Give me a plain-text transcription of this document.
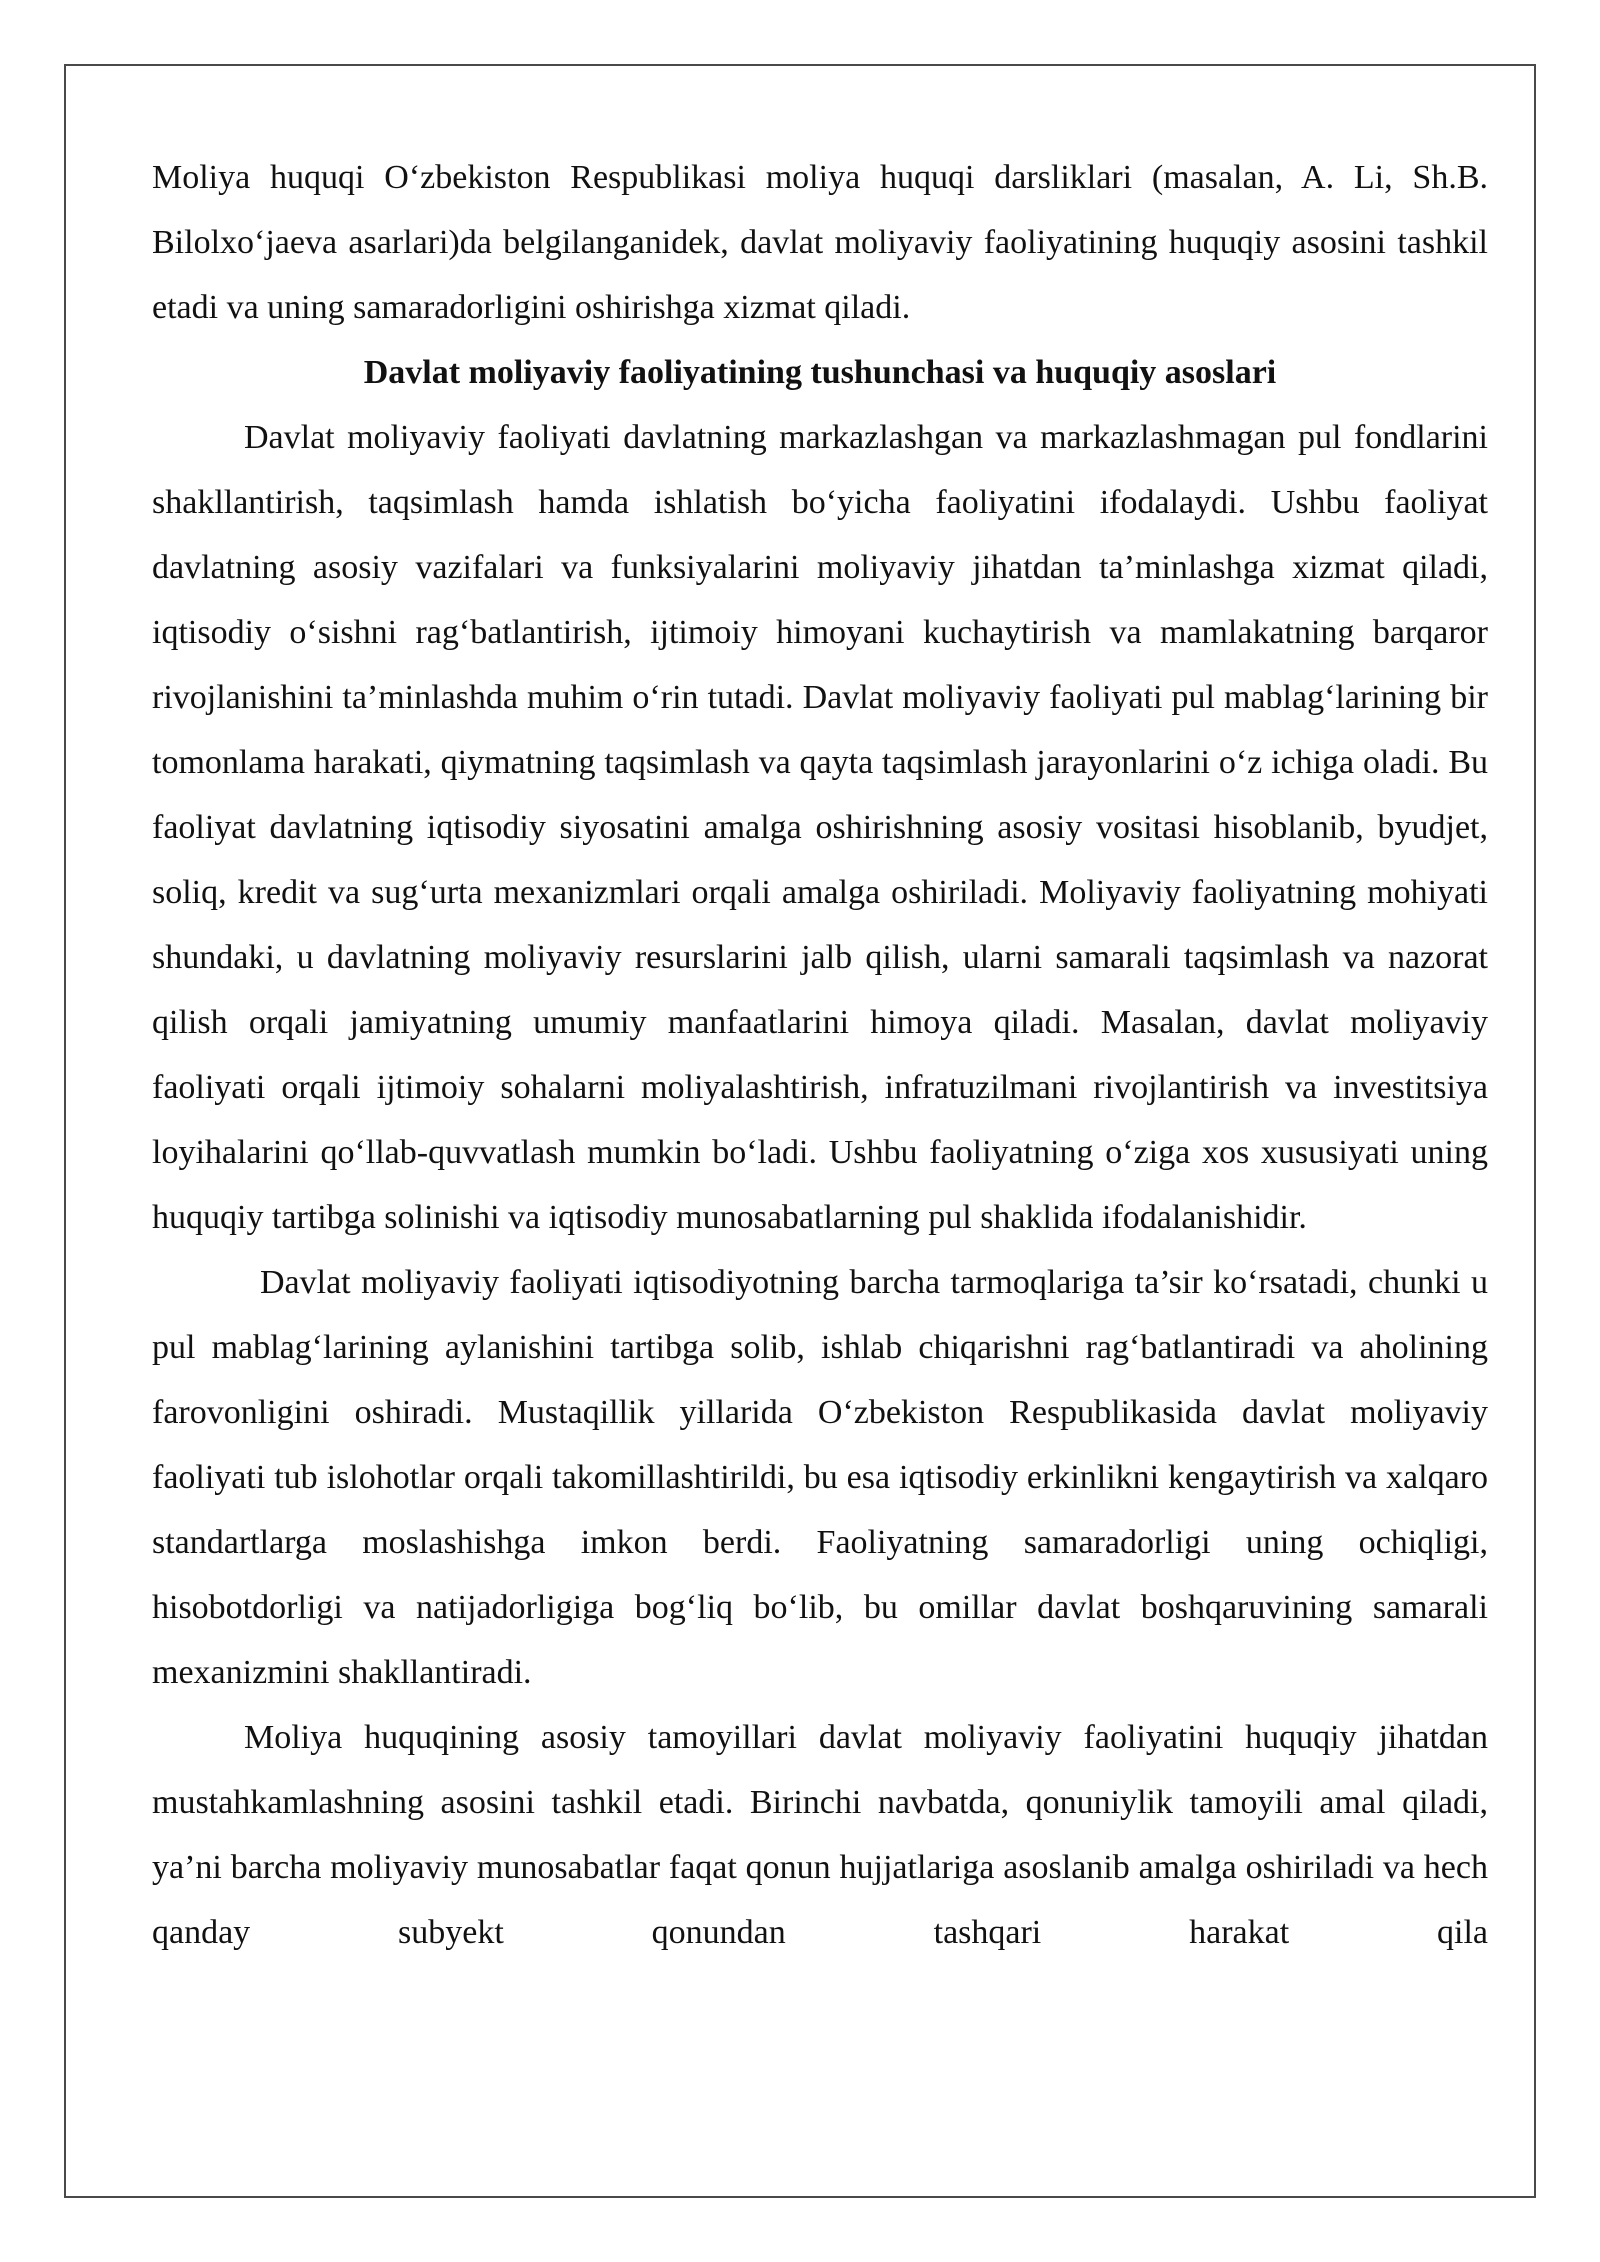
Moliya huquqi O‘zbekiston Respublikasi moliya huquqi darsliklari (masalan, A. Li, Sh.B. Bilolxo‘jaeva asarlari)da belgilanganidek, davlat moliyaviy faoliyatining huquqiy asosini tashkil etadi va uning samaradorligini oshirishga xizmat qiladi.

Davlat moliyaviy faoliyatining tushunchasi va huquqiy asoslari

Davlat moliyaviy faoliyati davlatning markazlashgan va markazlashmagan pul fondlarini shakllantirish, taqsimlash hamda ishlatish bo‘yicha faoliyatini ifodalaydi. Ushbu faoliyat davlatning asosiy vazifalari va funksiyalarini moliyaviy jihatdan ta’minlashga xizmat qiladi, iqtisodiy o‘sishni rag‘batlantirish, ijtimoiy himoyani kuchaytirish va mamlakatning barqaror rivojlanishini ta’minlashda muhim o‘rin tutadi. Davlat moliyaviy faoliyati pul mablag‘larining bir tomonlama harakati, qiymatning taqsimlash va qayta taqsimlash jarayonlarini o‘z ichiga oladi. Bu faoliyat davlatning iqtisodiy siyosatini amalga oshirishning asosiy vositasi hisoblanib, byudjet, soliq, kredit va sug‘urta mexanizmlari orqali amalga oshiriladi. Moliyaviy faoliyatning mohiyati shundaki, u davlatning moliyaviy resurslarini jalb qilish, ularni samarali taqsimlash va nazorat qilish orqali jamiyatning umumiy manfaatlarini himoya qiladi. Masalan, davlat moliyaviy faoliyati orqali ijtimoiy sohalarni moliyalashtirish, infratuzilmani rivojlantirish va investitsiya loyihalarini qo‘llab-quvvatlash mumkin bo‘ladi. Ushbu faoliyatning o‘ziga xos xususiyati uning huquqiy tartibga solinishi va iqtisodiy munosabatlarning pul shaklida ifodalanishidir.

Davlat moliyaviy faoliyati iqtisodiyotning barcha tarmoqlariga ta’sir ko‘rsatadi, chunki u pul mablag‘larining aylanishini tartibga solib, ishlab chiqarishni rag‘batlantiradi va aholining farovonligini oshiradi. Mustaqillik yillarida O‘zbekiston Respublikasida davlat moliyaviy faoliyati tub islohotlar orqali takomillashtirildi, bu esa iqtisodiy erkinlikni kengaytirish va xalqaro standartlarga moslashishga imkon berdi. Faoliyatning samaradorligi uning ochiqligi, hisobotdorligi va natijadorligiga bog‘liq bo‘lib, bu omillar davlat boshqaruvining samarali mexanizmini shakllantiradi.

Moliya huquqining asosiy tamoyillari davlat moliyaviy faoliyatini huquqiy jihatdan mustahkamlashning asosini tashkil etadi. Birinchi navbatda, qonuniylik tamoyili amal qiladi, ya’ni barcha moliyaviy munosabatlar faqat qonun hujjatlariga asoslanib amalga oshiriladi va hech qanday subyekt qonundan tashqari harakat qila
